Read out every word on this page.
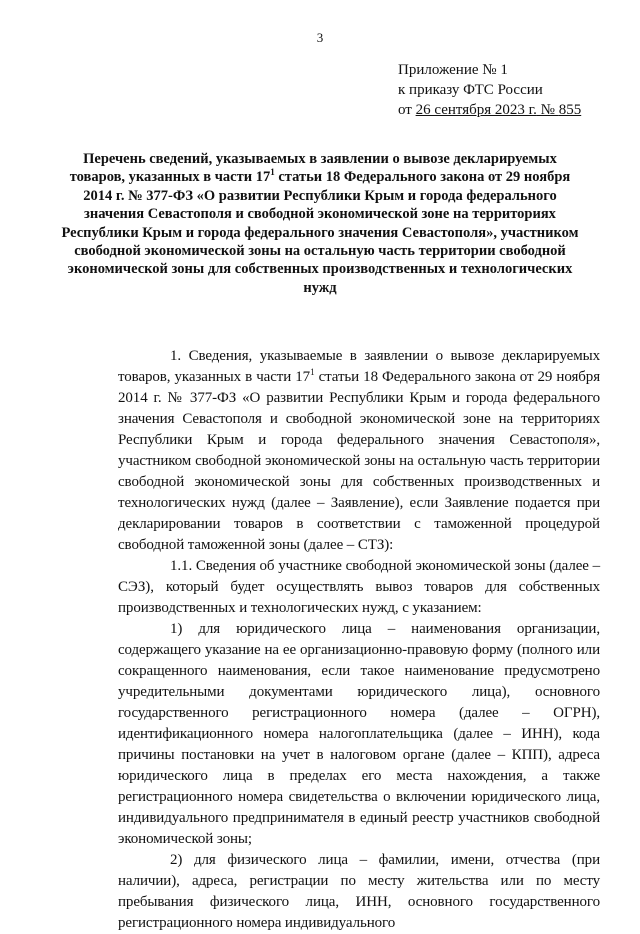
3
Приложение № 1
к приказу ФТС России
от 26 сентября 2023 г. № 855
Перечень сведений, указываемых в заявлении о вывозе декларируемых товаров, указанных в части $17^1$ статьи 18 Федерального закона от 29 ноября 2014 г. № 377-ФЗ «О развитии Республики Крым и города федерального значения Севастополя и свободной экономической зоне на территориях Республики Крым и города федерального значения Севастополя», участником свободной экономической зоны на остальную часть территории свободной экономической зоны для собственных производственных и технологических нужд

1. Сведения, указываемые в заявлении о вывозе декларируемых товаров, указанных в части $17^1$ статьи 18 Федерального закона от 29 ноября 2014 г. № 377-ФЗ «О развитии Республики Крым и города федерального значения Севастополя и свободной экономической зоне на территориях Республики Крым и города федерального значения Севастополя», участником свободной экономической зоны на остальную часть территории свободной экономической зоны для собственных производственных и технологических нужд (далее – Заявление), если Заявление подается при декларировании товаров в соответствии с таможенной процедурой свободной таможенной зоны (далее – СТЗ):

1.1. Сведения об участнике свободной экономической зоны (далее – СЭЗ), который будет осуществлять вывоз товаров для собственных производственных и технологических нужд, с указанием:

1) для юридического лица – наименования организации, содержащего указание на ее организационно-правовую форму (полного или сокращенного наименования, если такое наименование предусмотрено учредительными документами юридического лица), основного государственного регистрационного номера (далее – ОГРН), идентификационного номера налогоплательщика (далее – ИНН), кода причины постановки на учет в налоговом органе (далее – КПП), адреса юридического лица в пределах его места нахождения, а также регистрационного номера свидетельства о включении юридического лица, индивидуального предпринимателя в единый реестр участников свободной экономической зоны;

2) для физического лица – фамилии, имени, отчества (при наличии), адреса, регистрации по месту жительства или по месту пребывания физического лица, ИНН, основного государственного регистрационного номера индивидуального
